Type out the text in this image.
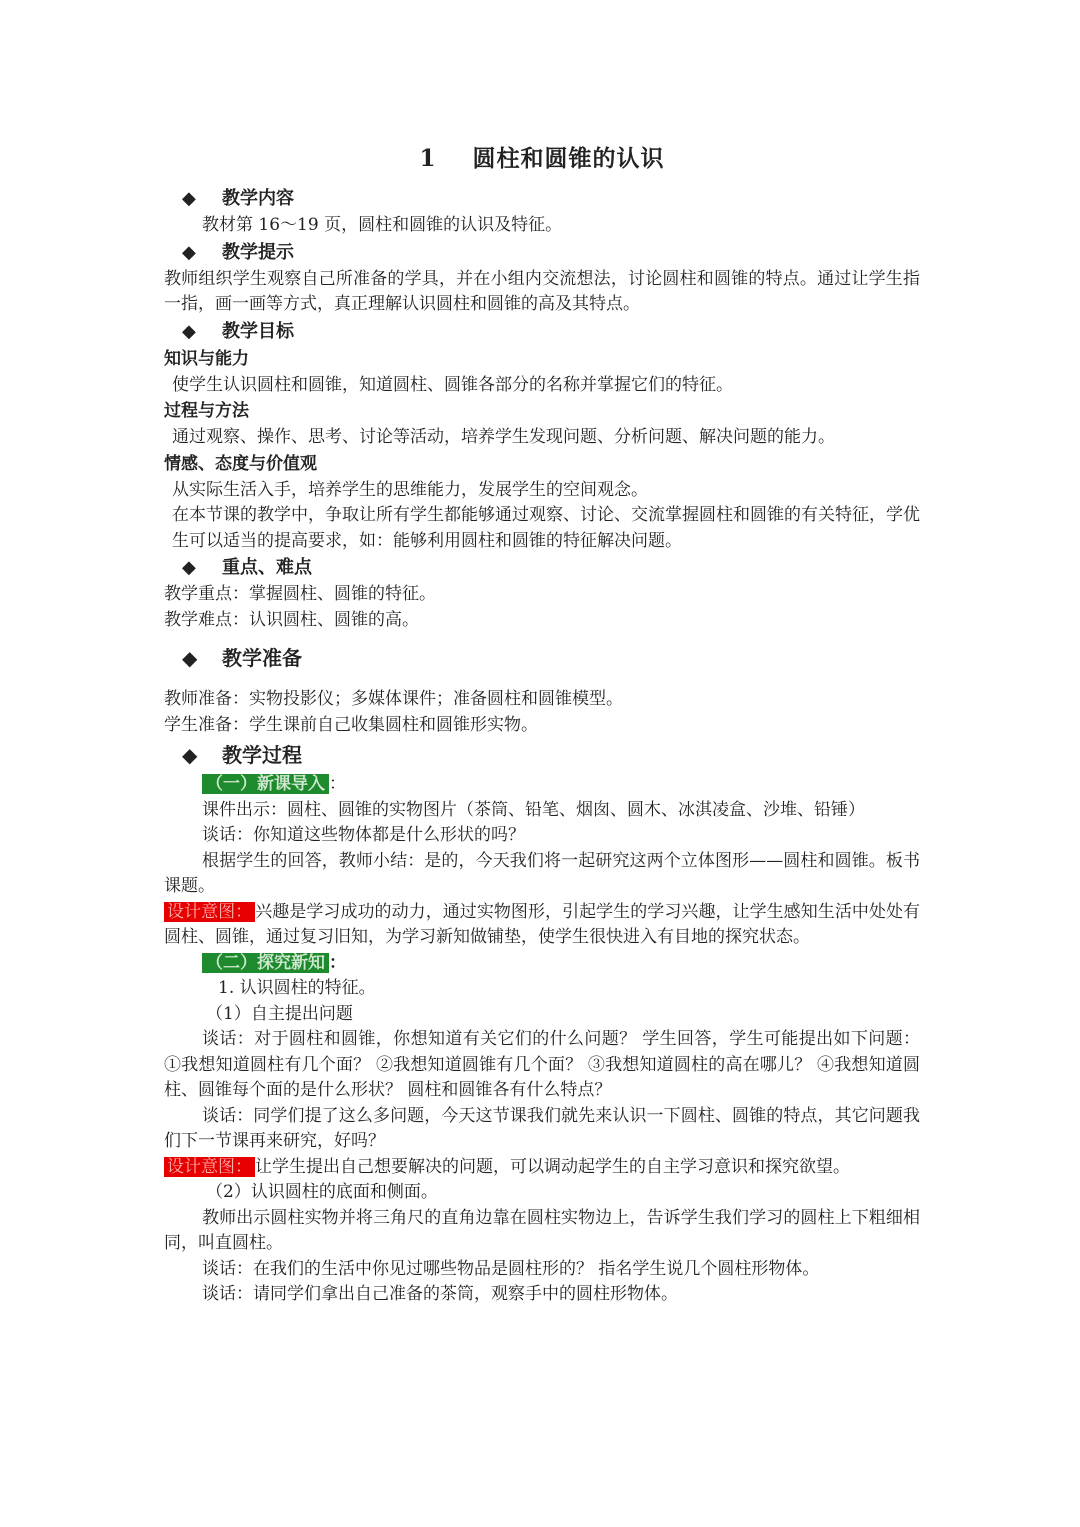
1 圆柱和圆锥的认识

◆ 教学内容

教材第 16～19 页，圆柱和圆锥的认识及特征。

◆ 教学提示

教师组织学生观察自己所准备的学具，并在小组内交流想法，讨论圆柱和圆锥的特点。通过让学生指一指，画一画等方式，真正理解认识圆柱和圆锥的高及其特点。

◆ 教学目标

知识与能力

使学生认识圆柱和圆锥，知道圆柱、圆锥各部分的名称并掌握它们的特征。

过程与方法

通过观察、操作、思考、讨论等活动，培养学生发现问题、分析问题、解决问题的能力。

情感、态度与价值观

从实际生活入手，培养学生的思维能力，发展学生的空间观念。

在本节课的教学中，争取让所有学生都能够通过观察、讨论、交流掌握圆柱和圆锥的有关特征，学优生可以适当的提高要求，如：能够利用圆柱和圆锥的特征解决问题。

◆ 重点、难点

教学重点：掌握圆柱、圆锥的特征。

教学难点：认识圆柱、圆锥的高。

◆ 教学准备

教师准备：实物投影仪；多媒体课件；准备圆柱和圆锥模型。

学生准备：学生课前自己收集圆柱和圆锥形实物。

◆ 教学过程

（一）新课导入 ：

课件出示：圆柱、圆锥的实物图片（茶筒、铅笔、烟囱、圆木、冰淇凌盒、沙堆、铅锤）

谈话：你知道这些物体都是什么形状的吗？

根据学生的回答，教师小结：是的，今天我们将一起研究这两个立体图形——圆柱和圆锥。板书课题。

设计意图： 兴趣是学习成功的动力，通过实物图形，引起学生的学习兴趣，让学生感知生活中处处有圆柱、圆锥，通过复习旧知，为学习新知做铺垫，使学生很快进入有目地的探究状态。

（二）探究新知 ：

1. 认识圆柱的特征。

（1）自主提出问题

谈话：对于圆柱和圆锥，你想知道有关它们的什么问题？ 学生回答，学生可能提出如下问题： ①我想知道圆柱有几个面？ ②我想知道圆锥有几个面？ ③我想知道圆柱的高在哪儿？ ④我想知道圆柱、圆锥每个面的是什么形状？ 圆柱和圆锥各有什么特点？

谈话：同学们提了这么多问题，今天这节课我们就先来认识一下圆柱、圆锥的特点，其它问题我们下一节课再来研究，好吗？

设计意图： 让学生提出自己想要解决的问题，可以调动起学生的自主学习意识和探究欲望。

（2）认识圆柱的底面和侧面。

教师出示圆柱实物并将三角尺的直角边靠在圆柱实物边上，告诉学生我们学习的圆柱上下粗细相同，叫直圆柱。

谈话：在我们的生活中你见过哪些物品是圆柱形的？ 指名学生说几个圆柱形物体。

谈话：请同学们拿出自己准备的茶筒，观察手中的圆柱形物体。
